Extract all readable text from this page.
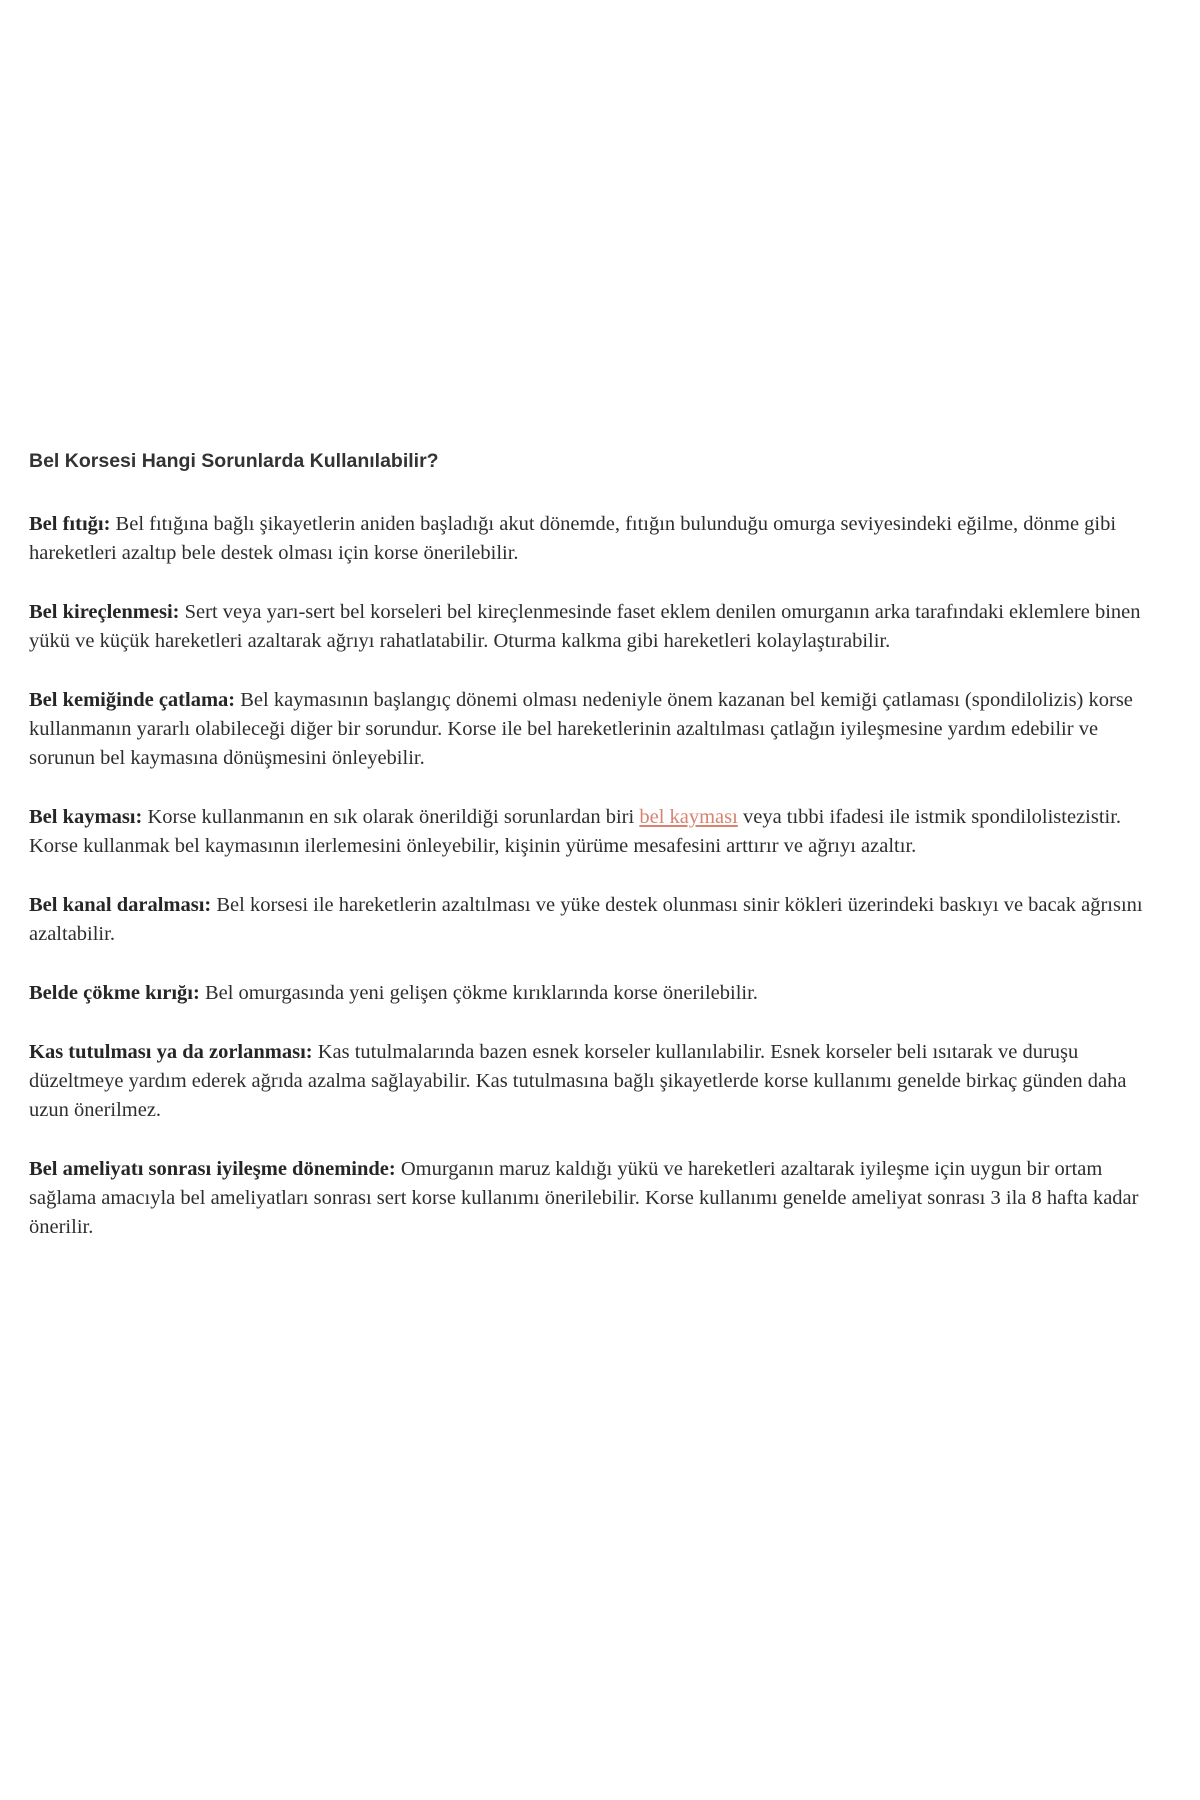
Bel Korsesi Hangi Sorunlarda Kullanılabilir?

Bel fıtığı: Bel fıtığına bağlı şikayetlerin aniden başladığı akut dönemde, fıtığın bulunduğu omurga seviyesindeki eğilme, dönme gibi hareketleri azaltıp bele destek olması için korse önerilebilir.

Bel kireçlenmesi: Sert veya yarı-sert bel korseleri bel kireçlenmesinde faset eklem denilen omurganın arka tarafındaki eklemlere binen yükü ve küçük hareketleri azaltarak ağrıyı rahatlatabilir. Oturma kalkma gibi hareketleri kolaylaştırabilir.

Bel kemiğinde çatlama: Bel kaymasının başlangıç dönemi olması nedeniyle önem kazanan bel kemiği çatlaması (spondilolizis) korse kullanmanın yararlı olabileceği diğer bir sorundur. Korse ile bel hareketlerinin azaltılması çatlağın iyileşmesine yardım edebilir ve sorunun bel kaymasına dönüşmesini önleyebilir.

Bel kayması: Korse kullanmanın en sık olarak önerildiği sorunlardan biri bel kayması veya tıbbi ifadesi ile istmik spondilolistezistir. Korse kullanmak bel kaymasının ilerlemesini önleyebilir, kişinin yürüme mesafesini arttırır ve ağrıyı azaltır.

Bel kanal daralması: Bel korsesi ile hareketlerin azaltılması ve yüke destek olunması sinir kökleri üzerindeki baskıyı ve bacak ağrısını azaltabilir.

Belde çökme kırığı: Bel omurgasında yeni gelişen çökme kırıklarında korse önerilebilir.

Kas tutulması ya da zorlanması: Kas tutulmalarında bazen esnek korseler kullanılabilir. Esnek korseler beli ısıtarak ve duruşu düzeltmeye yardım ederek ağrıda azalma sağlayabilir. Kas tutulmasına bağlı şikayetlerde korse kullanımı genelde birkaç günden daha uzun önerilmez.

Bel ameliyatı sonrası iyileşme döneminde: Omurganın maruz kaldığı yükü ve hareketleri azaltarak iyileşme için uygun bir ortam sağlama amacıyla bel ameliyatları sonrası sert korse kullanımı önerilebilir. Korse kullanımı genelde ameliyat sonrası 3 ila 8 hafta kadar önerilir.
